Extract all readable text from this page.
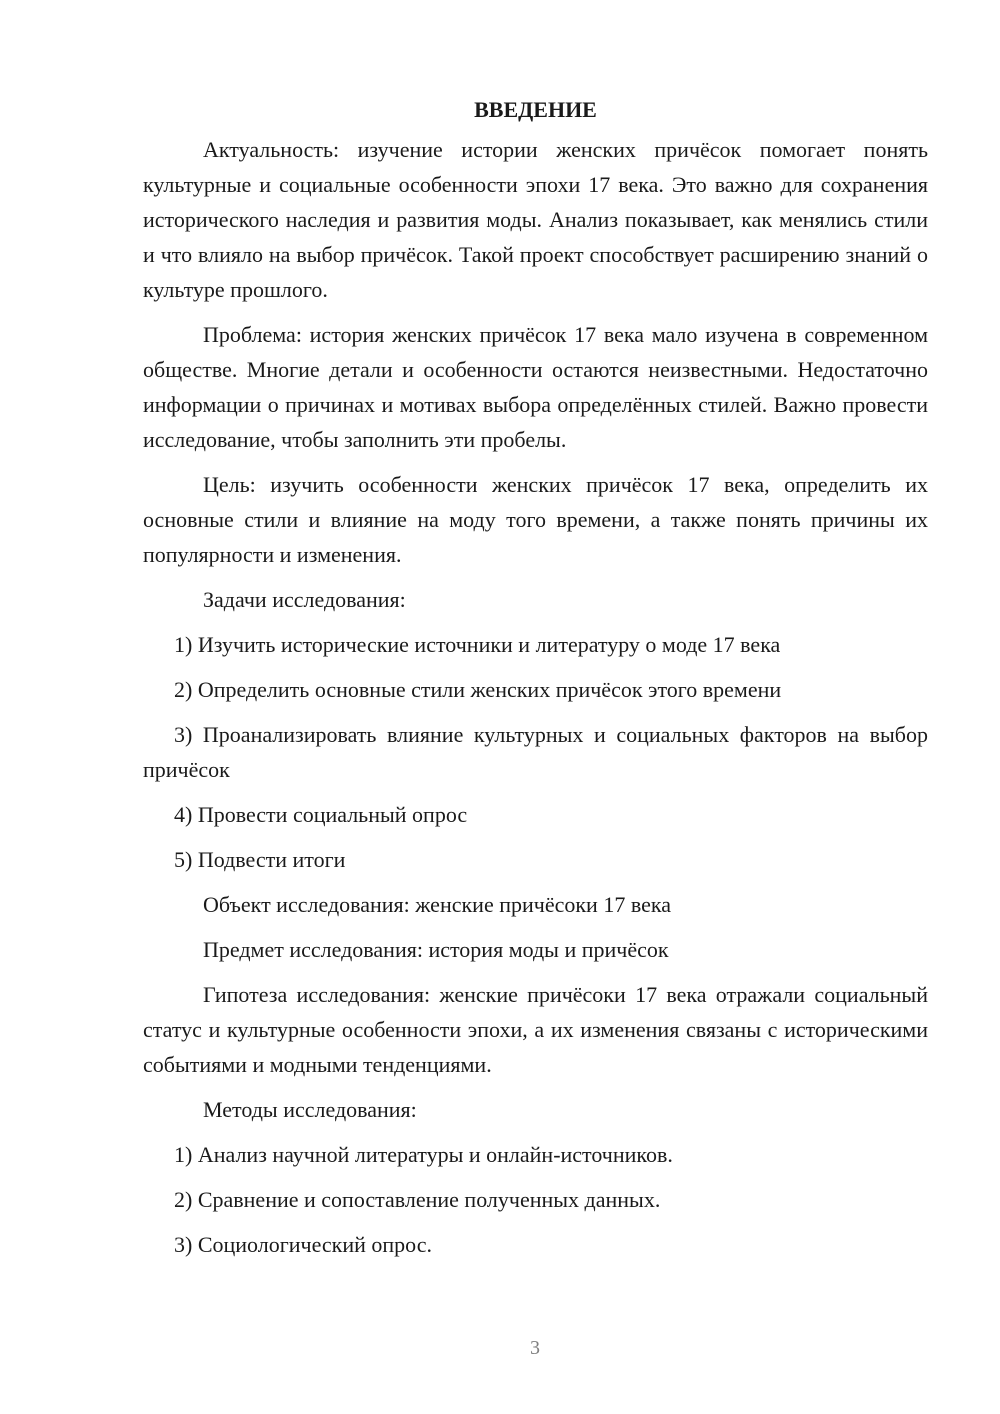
ВВЕДЕНИЕ
Актуальность: изучение истории женских причёсок помогает понять культурные и социальные особенности эпохи 17 века. Это важно для сохранения исторического наследия и развития моды. Анализ показывает, как менялись стили и что влияло на выбор причёсок. Такой проект способствует расширению знаний о культуре прошлого.
Проблема: история женских причёсок 17 века мало изучена в современном обществе. Многие детали и особенности остаются неизвестными. Недостаточно информации о причинах и мотивах выбора определённых стилей. Важно провести исследование, чтобы заполнить эти пробелы.
Цель: изучить особенности женских причёсок 17 века, определить их основные стили и влияние на моду того времени, а также понять причины их популярности и изменения.
Задачи исследования:
1) Изучить исторические источники и литературу о моде 17 века
2) Определить основные стили женских причёсок этого времени
3) Проанализировать влияние культурных и социальных факторов на выбор причёсок
4) Провести социальный опрос
5) Подвести итоги
Объект исследования: женские причёсоки 17 века
Предмет исследования: история моды и причёсок
Гипотеза исследования: женские причёсоки 17 века отражали социальный статус и культурные особенности эпохи, а их изменения связаны с историческими событиями и модными тенденциями.
Методы исследования:
1) Анализ научной литературы и онлайн-источников.
2) Сравнение и сопоставление полученных данных.
3) Социологический опрос.
3
